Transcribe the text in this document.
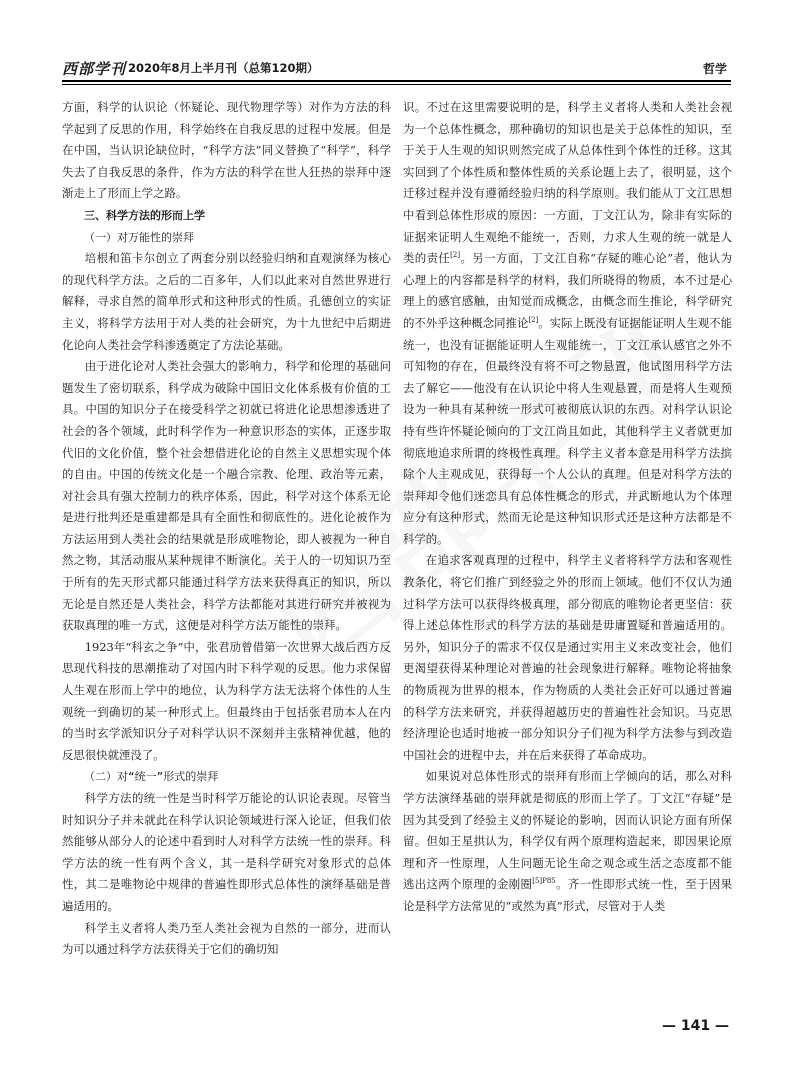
西部学刊 2020年8月上半月刊（总第120期）	哲学

方面，科学的认识论（怀疑论、现代物理学等）对作为方法的科学起到了反思的作用，科学始终在自我反思的过程中发展。但是在中国，当认识论缺位时，“科学方法”同义替换了“科学”，科学失去了自我反思的条件，作为方法的科学在世人狂热的崇拜中逐渐走上了形而上学之路。

三、科学方法的形而上学
（一）对万能性的崇拜

培根和笛卡尔创立了两套分别以经验归纳和直观演绎为核心的现代科学方法。之后的二百多年，人们以此来对自然世界进行解释，寻求自然的简单形式和这种形式的性质。孔德创立的实证主义，将科学方法用于对人类的社会研究，为十九世纪中后期进化论向人类社会学科渗透奠定了方法论基础。

由于进化论对人类社会强大的影响力，科学和伦理的基础问题发生了密切联系，科学成为破除中国旧文化体系极有价值的工具。中国的知识分子在接受科学之初就已将进化论思想渗透进了社会的各个领域，此时科学作为一种意识形态的实体，正逐步取代旧的文化价值，整个社会想借进化论的自然主义思想实现个体的自由。中国的传统文化是一个融合宗教、伦理、政治等元素，对社会具有强大控制力的秩序体系，因此，科学对这个体系无论是进行批判还是重建都是具有全面性和彻底性的。进化论被作为方法运用到人类社会的结果就是形成唯物论，即人被视为一种自然之物，其活动服从某种规律不断演化。关于人的一切知识乃至于所有的先天形式都只能通过科学方法来获得真正的知识，所以无论是自然还是人类社会，科学方法都能对其进行研究并被视为获取真理的唯一方式，这便是对科学方法万能性的崇拜。

1923年“科玄之争”中，张君劢曾借第一次世界大战后西方反思现代科技的思潮推动了对国内时下科学观的反思。他力求保留人生观在形而上学中的地位，认为科学方法无法将个体性的人生观统一到确切的某一种形式上。但最终由于包括张君劢本人在内的当时玄学派知识分子对科学认识不深刻并主张精神优越，他的反思很快就湮没了。

（二）对“统一”形式的崇拜

科学方法的统一性是当时科学万能论的认识论表现。尽管当时知识分子并未就此在科学认识论领域进行深入论证，但我们依然能够从部分人的论述中看到时人对科学方法统一性的崇拜。科学方法的统一性有两个含义，其一是科学研究对象形式的总体性，其二是唯物论中规律的普遍性即形式总体性的演绎基础是普遍适用的。

科学主义者将人类乃至人类社会视为自然的一部分，进而认为可以通过科学方法获得关于它们的确切知

识。不过在这里需要说明的是，科学主义者将人类和人类社会视为一个总体性概念，那种确切的知识也是关于总体性的知识，至于关于人生观的知识则然完成了从总体性到个体性的迁移。这其实回到了个体性质和整体性质的关系论题上去了，很明显，这个迁移过程并没有遵循经验归纳的科学原则。我们能从丁文江思想中看到总体性形成的原因：一方面，丁文江认为，除非有实际的证据来证明人生观绝不能统一，否则，力求人生观的统一就是人类的责任[2]。另一方面，丁文江自称“存疑的唯心论”者，他认为心理上的内容都是科学的材料，我们所晓得的物质，本不过是心理上的感官感触，由知觉而成概念，由概念而生推论，科学研究的不外乎这种概念同推论[2]。实际上既没有证据能证明人生观不能统一，也没有证据能证明人生观能统一，丁文江承认感官之外不可知物的存在，但最终没有将不可之物悬置，他试图用科学方法去了解它——他没有在认识论中将人生观悬置，而是将人生观预设为一种具有某种统一形式可被彻底认识的东西。对科学认识论持有些许怀疑论倾向的丁文江尚且如此，其他科学主义者就更加彻底地追求所谓的终极性真理。科学主义者本意是用科学方法摈除个人主观成见，获得每一个人公认的真理。但是对科学方法的崇拜却令他们迷恋具有总体性概念的形式，并武断地认为个体理应分有这种形式，然而无论是这种知识形式还是这种方法都是不科学的。

在追求客观真理的过程中，科学主义者将科学方法和客观性教条化，将它们推广到经验之外的形而上领域。他们不仅认为通过科学方法可以获得终极真理，部分彻底的唯物论者更坚信：获得上述总体性形式的科学方法的基础是毋庸置疑和普遍适用的。另外，知识分子的需求不仅仅是通过实用主义来改变社会，他们更渴望获得某种理论对普遍的社会现象进行解释。唯物论将抽象的物质视为世界的根本，作为物质的人类社会正好可以通过普遍的科学方法来研究，并获得超越历史的普遍性社会知识。马克思经济理论也适时地被一部分知识分子们视为科学方法参与到改造中国社会的进程中去，并在后来获得了革命成功。

如果说对总体性形式的崇拜有形而上学倾向的话，那么对科学方法演绎基础的崇拜就是彻底的形而上学了。丁文江“存疑”是因为其受到了经验主义的怀疑论的影响，因而认识论方面有所保留。但如王星拱认为，科学仅有两个原理构造起来，即因果论原理和齐一性原理，人生问题无论生命之观念或生活之态度都不能逃出这两个原理的金刚圈$^{[5]P85}$。齐一性即形式统一性，至于因果论是科学方法常见的“或然为真”形式，尽管对于人类

— 141 —
